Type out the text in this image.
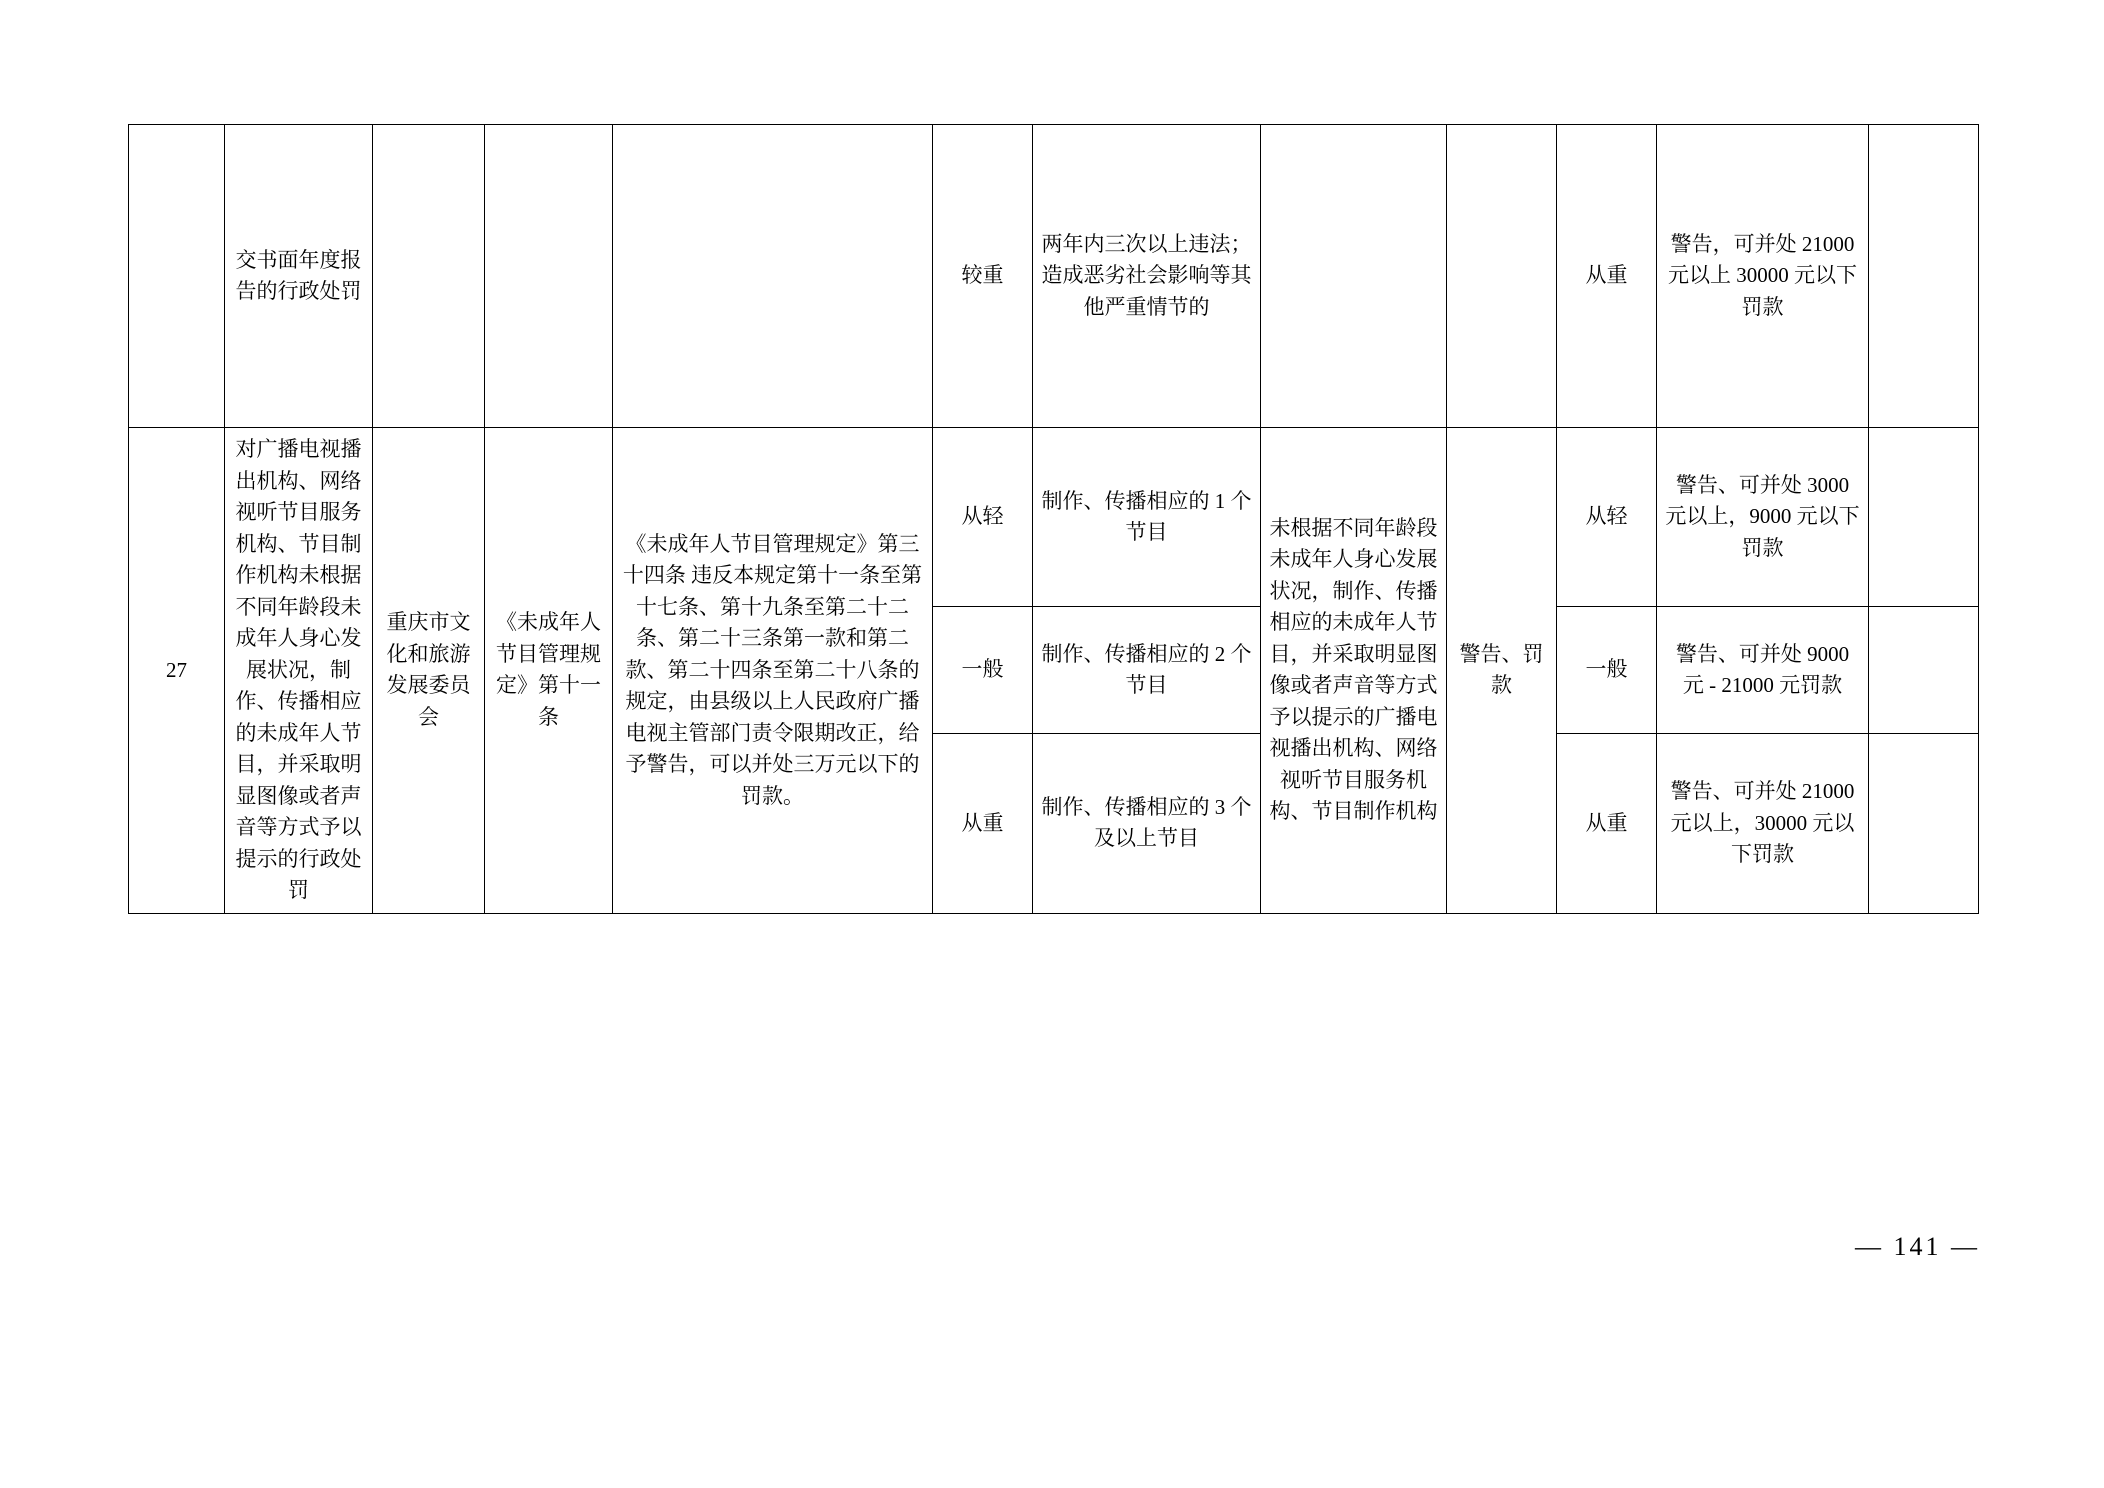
	交书面年度报告的行政处罚				较重	两年内三次以上违法；造成恶劣社会影响等其他严重情节的			从重	警告，可并处 21000 元以上 30000 元以下罚款	
27	对广播电视播出机构、网络视听节目服务机构、节目制作机构未根据不同年龄段未成年人身心发展状况，制作、传播相应的未成年人节目，并采取明显图像或者声音等方式予以提示的行政处罚	重庆市文化和旅游发展委员会	《未成年人节目管理规定》第十一条	《未成年人节目管理规定》第三十四条 违反本规定第十一条至第十七条、第十九条至第二十二条、第二十三条第一款和第二款、第二十四条至第二十八条的规定，由县级以上人民政府广播电视主管部门责令限期改正，给予警告，可以并处三万元以下的罚款。	从轻	制作、传播相应的 1 个节目	未根据不同年龄段未成年人身心发展状况，制作、传播相应的未成年人节目，并采取明显图像或者声音等方式予以提示的广播电视播出机构、网络视听节目服务机构、节目制作机构	警告、罚款	从轻	警告、可并处 3000 元以上，9000 元以下罚款	
					一般	制作、传播相应的 2 个节目			一般	警告、可并处 9000 元 - 21000 元罚款	
					从重	制作、传播相应的 3 个及以上节目			从重	警告、可并处 21000 元以上，30000 元以下罚款	
— 141 —
